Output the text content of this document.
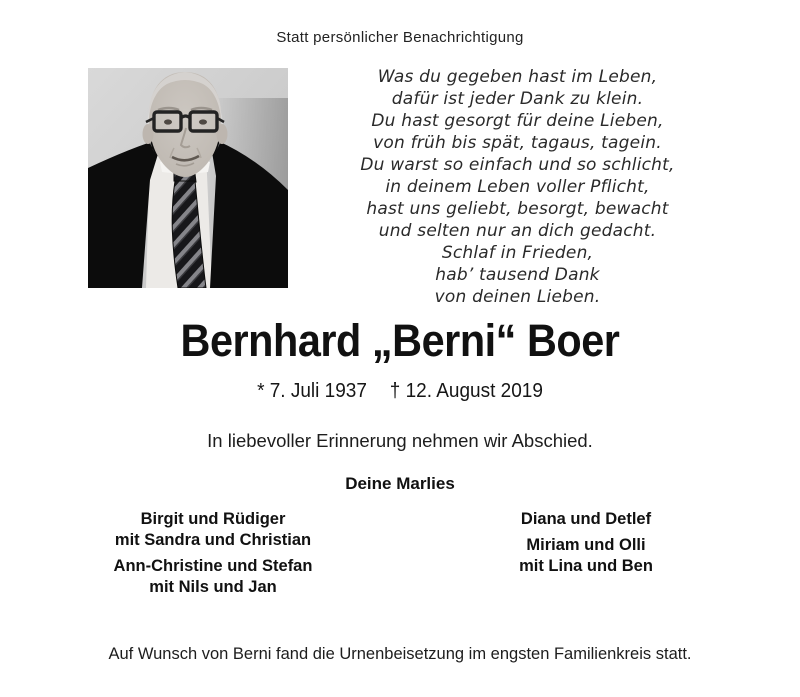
Statt persönlicher Benachrichtigung
Was du gegeben hast im Leben,
dafür ist jeder Dank zu klein.
Du hast gesorgt für deine Lieben,
von früh bis spät, tagaus, tagein.
Du warst so einfach und so schlicht,
in deinem Leben voller Pflicht,
hast uns geliebt, besorgt, bewacht
und selten nur an dich gedacht.
Schlaf in Frieden,
hab’ tausend Dank
von deinen Lieben.
Bernhard „Berni“ Boer
* 7. Juli 1937 † 12. August 2019
In liebevoller Erinnerung nehmen wir Abschied.
Deine Marlies
Birgit und Rüdiger
mit Sandra und Christian
Ann-Christine und Stefan
mit Nils und Jan
Diana und Detlef
Miriam und Olli
mit Lina und Ben
Auf Wunsch von Berni fand die Urnenbeisetzung im engsten Familienkreis statt.
